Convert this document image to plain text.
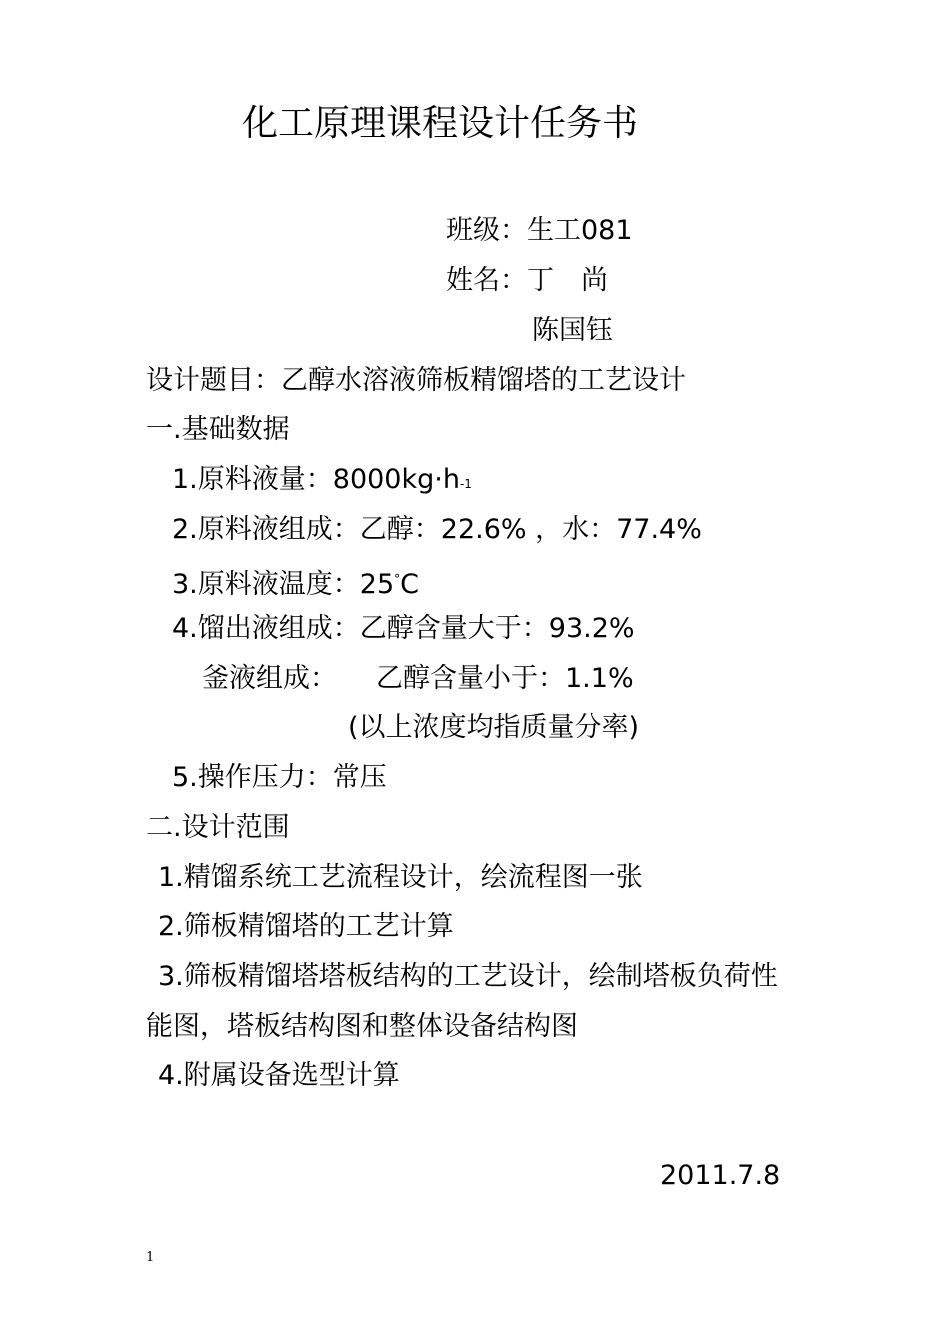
化工原理课程设计任务书
班级：生工081
姓名：丁　尚
陈国钰
设计题目：乙醇水溶液筛板精馏塔的工艺设计
一.基础数据
1.原料液量：8000kg·h-1
2.原料液组成：乙醇：22.6% ，水：77.4%
3.原料液温度：25°C
4.馏出液组成：乙醇含量大于：93.2%
釜液组成： 乙醇含量小于：1.1%
(以上浓度均指质量分率)
5.操作压力：常压
二.设计范围
1.精馏系统工艺流程设计，绘流程图一张
2.筛板精馏塔的工艺计算
3.筛板精馏塔塔板结构的工艺设计，绘制塔板负荷性
能图，塔板结构图和整体设备结构图
4.附属设备选型计算
2011.7.8
1
